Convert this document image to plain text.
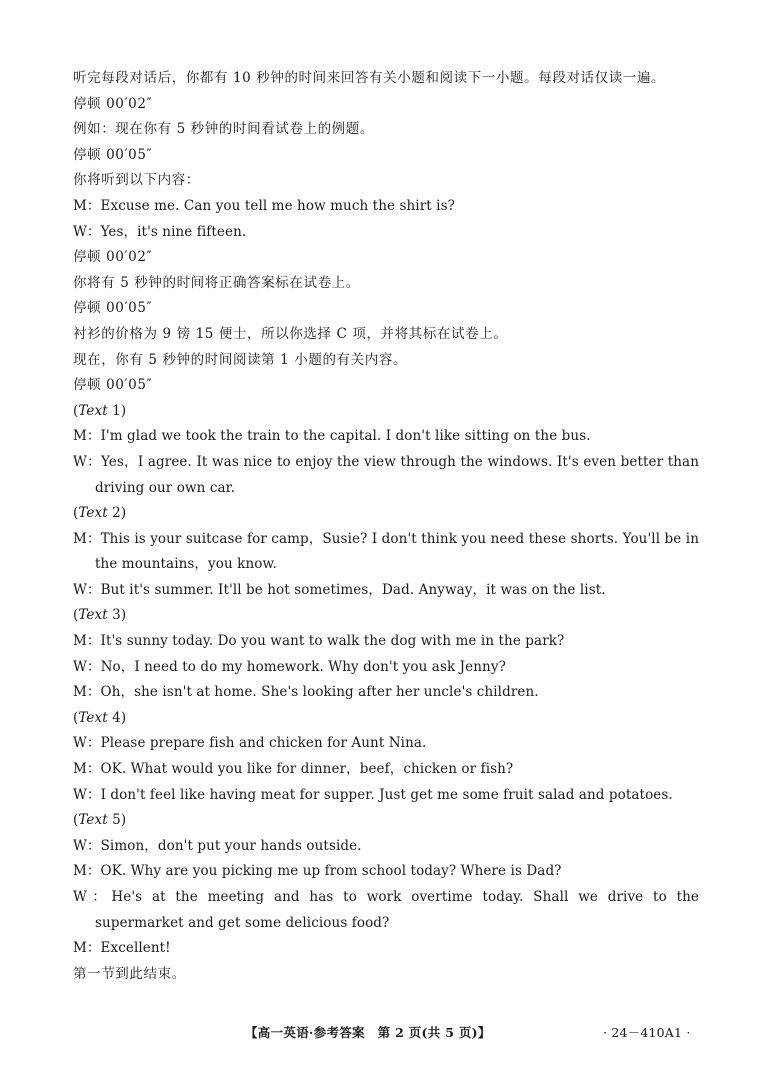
听完每段对话后，你都有 10 秒钟的时间来回答有关小题和阅读下一小题。每段对话仅读一遍。
停顿 00′02″
例如：现在你有 5 秒钟的时间看试卷上的例题。
停顿 00′05″
你将听到以下内容：
M：Excuse me. Can you tell me how much the shirt is?
W：Yes，it's nine fifteen.
停顿 00′02″
你将有 5 秒钟的时间将正确答案标在试卷上。
停顿 00′05″
衬衫的价格为 9 镑 15 便士，所以你选择 C 项，并将其标在试卷上。
现在，你有 5 秒钟的时间阅读第 1 小题的有关内容。
停顿 00′05″
(Text 1)
M：I'm glad we took the train to the capital. I don't like sitting on the bus.
W：Yes，I agree. It was nice to enjoy the view through the windows. It's even better than driving our own car.
(Text 2)
M：This is your suitcase for camp，Susie? I don't think you need these shorts. You'll be in the mountains，you know.
W：But it's summer. It'll be hot sometimes，Dad. Anyway，it was on the list.
(Text 3)
M：It's sunny today. Do you want to walk the dog with me in the park?
W：No，I need to do my homework. Why don't you ask Jenny?
M：Oh，she isn't at home. She's looking after her uncle's children.
(Text 4)
W：Please prepare fish and chicken for Aunt Nina.
M：OK. What would you like for dinner，beef，chicken or fish?
W：I don't feel like having meat for supper. Just get me some fruit salad and potatoes.
(Text 5)
W：Simon，don't put your hands outside.
M：OK. Why are you picking me up from school today? Where is Dad?
W：He's at the meeting and has to work overtime today. Shall we drive to the supermarket and get some delicious food?
M：Excellent!
第一节到此结束。
【高一英语·参考答案　第 2 页(共 5 页)】	· 24－410A1 ·
